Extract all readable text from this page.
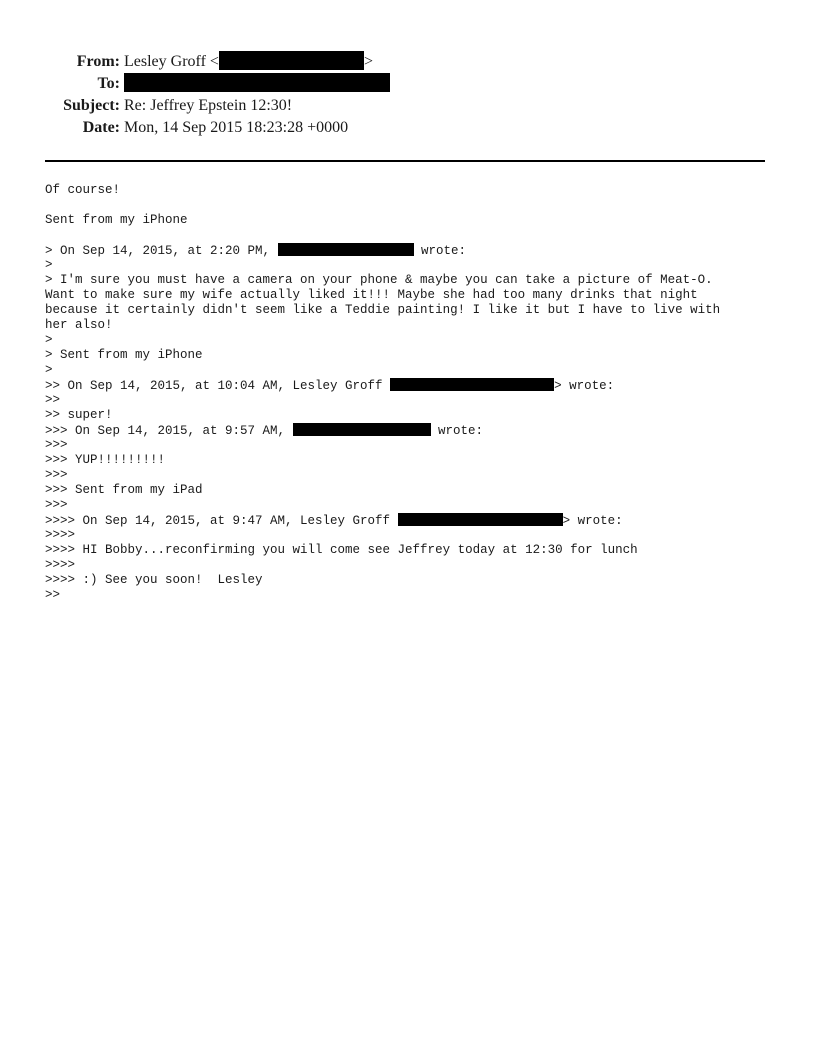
From: Lesley Groff <	>
To:
Subject: Re: Jeffrey Epstein 12:30!
Date: Mon, 14 Sep 2015 18:23:28 +0000
Of course!
Sent from my iPhone
> On Sep 14, 2015, at 2:20 PM,	wrote:
>
> I'm sure you must have a camera on your phone & maybe you can take a picture of Meat-O.
Want to make sure my wife actually liked it!!! Maybe she had too many drinks that night
because it certainly didn't seem like a Teddie painting! I like it but I have to live with
her also!
>
> Sent from my iPhone
>
>> On Sep 14, 2015, at 10:04 AM, Lesley Groff	> wrote:
>>
>> super!
>>> On Sep 14, 2015, at 9:57 AM,	wrote:
>>>
>>> YUP!!!!!!!!!
>>>
>>> Sent from my iPad
>>>
>>>> On Sep 14, 2015, at 9:47 AM, Lesley Groff	> wrote:
>>>>
>>>> HI Bobby...reconfirming you will come see Jeffrey today at 12:30 for lunch
>>>>
>>>> :) See you soon!  Lesley
>>
